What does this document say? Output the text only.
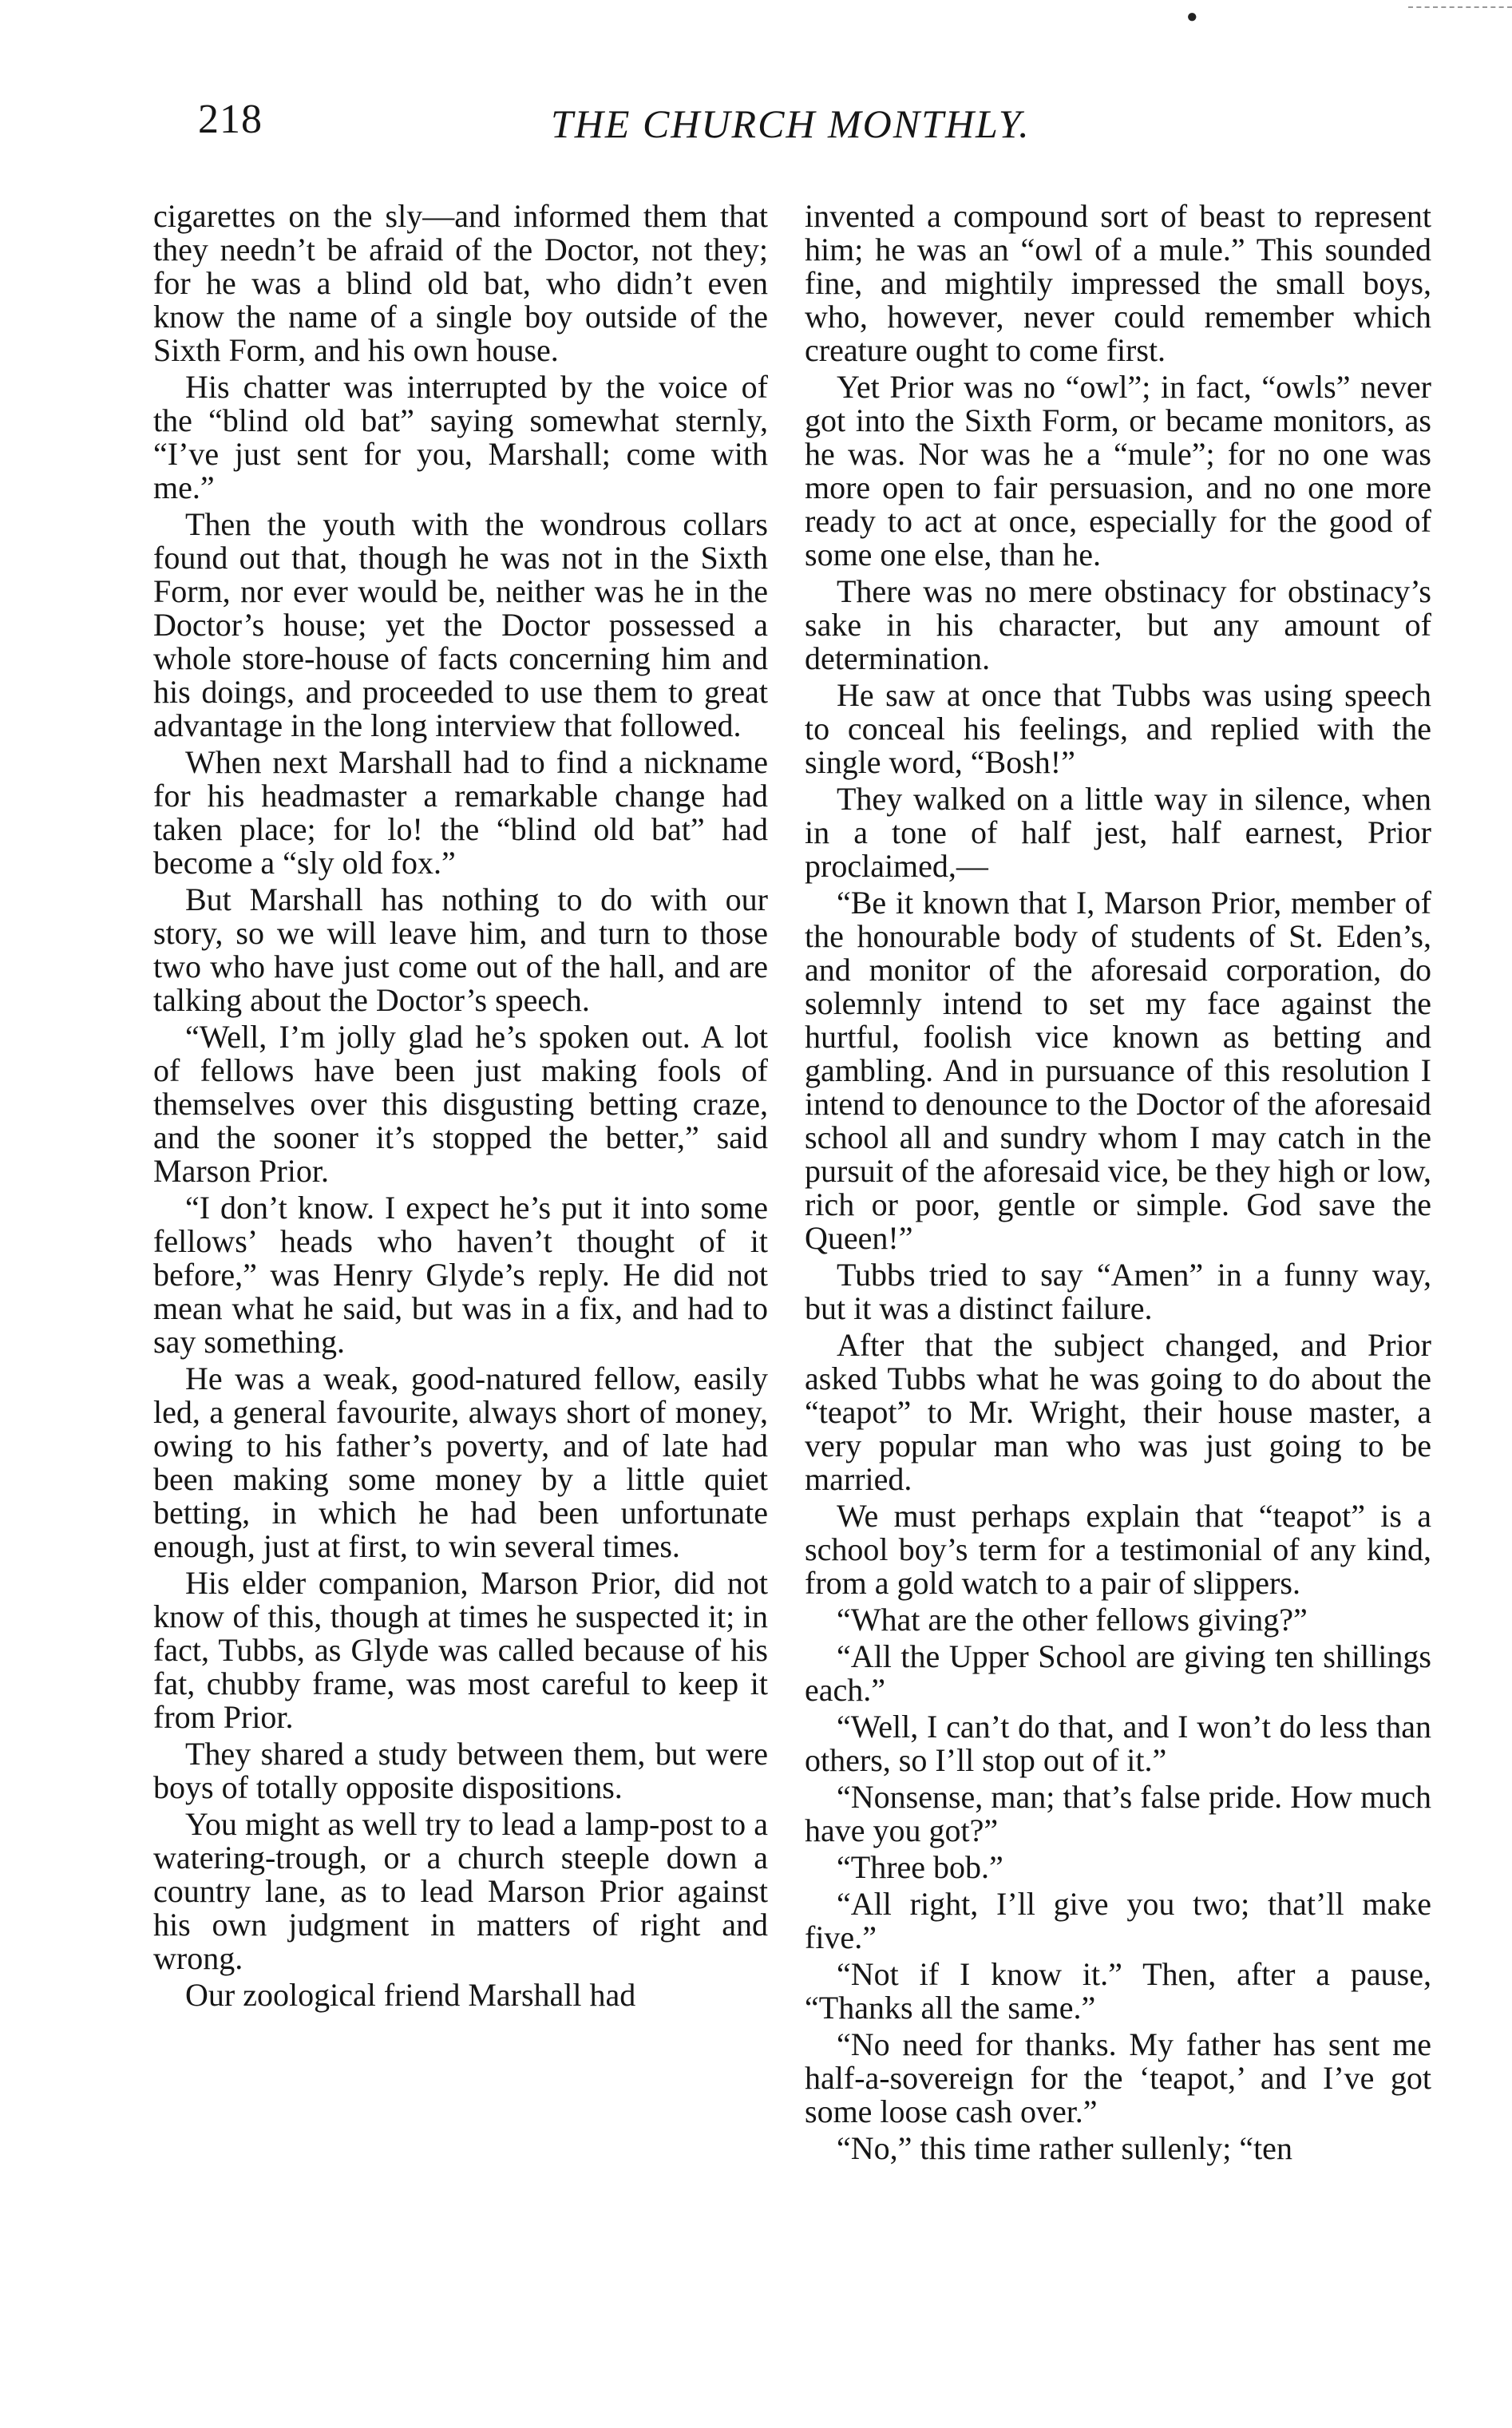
●
218	THE CHURCH MONTHLY.

cigarettes on the sly—and informed them that they needn’t be afraid of the Doctor, not they; for he was a blind old bat, who didn’t even know the name of a single boy outside of the Sixth Form, and his own house.

His chatter was interrupted by the voice of the “blind old bat” saying somewhat sternly, “I’ve just sent for you, Marshall; come with me.”

Then the youth with the wondrous collars found out that, though he was not in the Sixth Form, nor ever would be, neither was he in the Doctor’s house; yet the Doctor possessed a whole store-house of facts concerning him and his doings, and proceeded to use them to great advantage in the long interview that followed.

When next Marshall had to find a nickname for his headmaster a remarkable change had taken place; for lo! the “blind old bat” had become a “sly old fox.”

But Marshall has nothing to do with our story, so we will leave him, and turn to those two who have just come out of the hall, and are talking about the Doctor’s speech.

“Well, I’m jolly glad he’s spoken out. A lot of fellows have been just making fools of themselves over this disgusting betting craze, and the sooner it’s stopped the better,” said Marson Prior.

“I don’t know. I expect he’s put it into some fellows’ heads who haven’t thought of it before,” was Henry Glyde’s reply. He did not mean what he said, but was in a fix, and had to say something.

He was a weak, good-natured fellow, easily led, a general favourite, always short of money, owing to his father’s poverty, and of late had been making some money by a little quiet betting, in which he had been unfortunate enough, just at first, to win several times.

His elder companion, Marson Prior, did not know of this, though at times he suspected it; in fact, Tubbs, as Glyde was called because of his fat, chubby frame, was most careful to keep it from Prior.

They shared a study between them, but were boys of totally opposite dispositions.

You might as well try to lead a lamp-post to a watering-trough, or a church steeple down a country lane, as to lead Marson Prior against his own judgment in matters of right and wrong.

Our zoological friend Marshall had

invented a compound sort of beast to represent him; he was an “owl of a mule.” This sounded fine, and mightily impressed the small boys, who, however, never could remember which creature ought to come first.

Yet Prior was no “owl”; in fact, “owls” never got into the Sixth Form, or became monitors, as he was. Nor was he a “mule”; for no one was more open to fair persuasion, and no one more ready to act at once, especially for the good of some one else, than he.

There was no mere obstinacy for obstinacy’s sake in his character, but any amount of determination.

He saw at once that Tubbs was using speech to conceal his feelings, and replied with the single word, “Bosh!”

They walked on a little way in silence, when in a tone of half jest, half earnest, Prior proclaimed,—

“Be it known that I, Marson Prior, member of the honourable body of students of St. Eden’s, and monitor of the aforesaid corporation, do solemnly intend to set my face against the hurtful, foolish vice known as betting and gambling. And in pursuance of this resolution I intend to denounce to the Doctor of the aforesaid school all and sundry whom I may catch in the pursuit of the aforesaid vice, be they high or low, rich or poor, gentle or simple. God save the Queen!”

Tubbs tried to say “Amen” in a funny way, but it was a distinct failure.

After that the subject changed, and Prior asked Tubbs what he was going to do about the “teapot” to Mr. Wright, their house master, a very popular man who was just going to be married.

We must perhaps explain that “teapot” is a school boy’s term for a testimonial of any kind, from a gold watch to a pair of slippers.

“What are the other fellows giving?”

“All the Upper School are giving ten shillings each.”

“Well, I can’t do that, and I won’t do less than others, so I’ll stop out of it.”

“Nonsense, man; that’s false pride. How much have you got?”

“Three bob.”

“All right, I’ll give you two; that’ll make five.”

“Not if I know it.” Then, after a pause, “Thanks all the same.”

“No need for thanks. My father has sent me half-a-sovereign for the ‘teapot,’ and I’ve got some loose cash over.”

“No,” this time rather sullenly; “ten
